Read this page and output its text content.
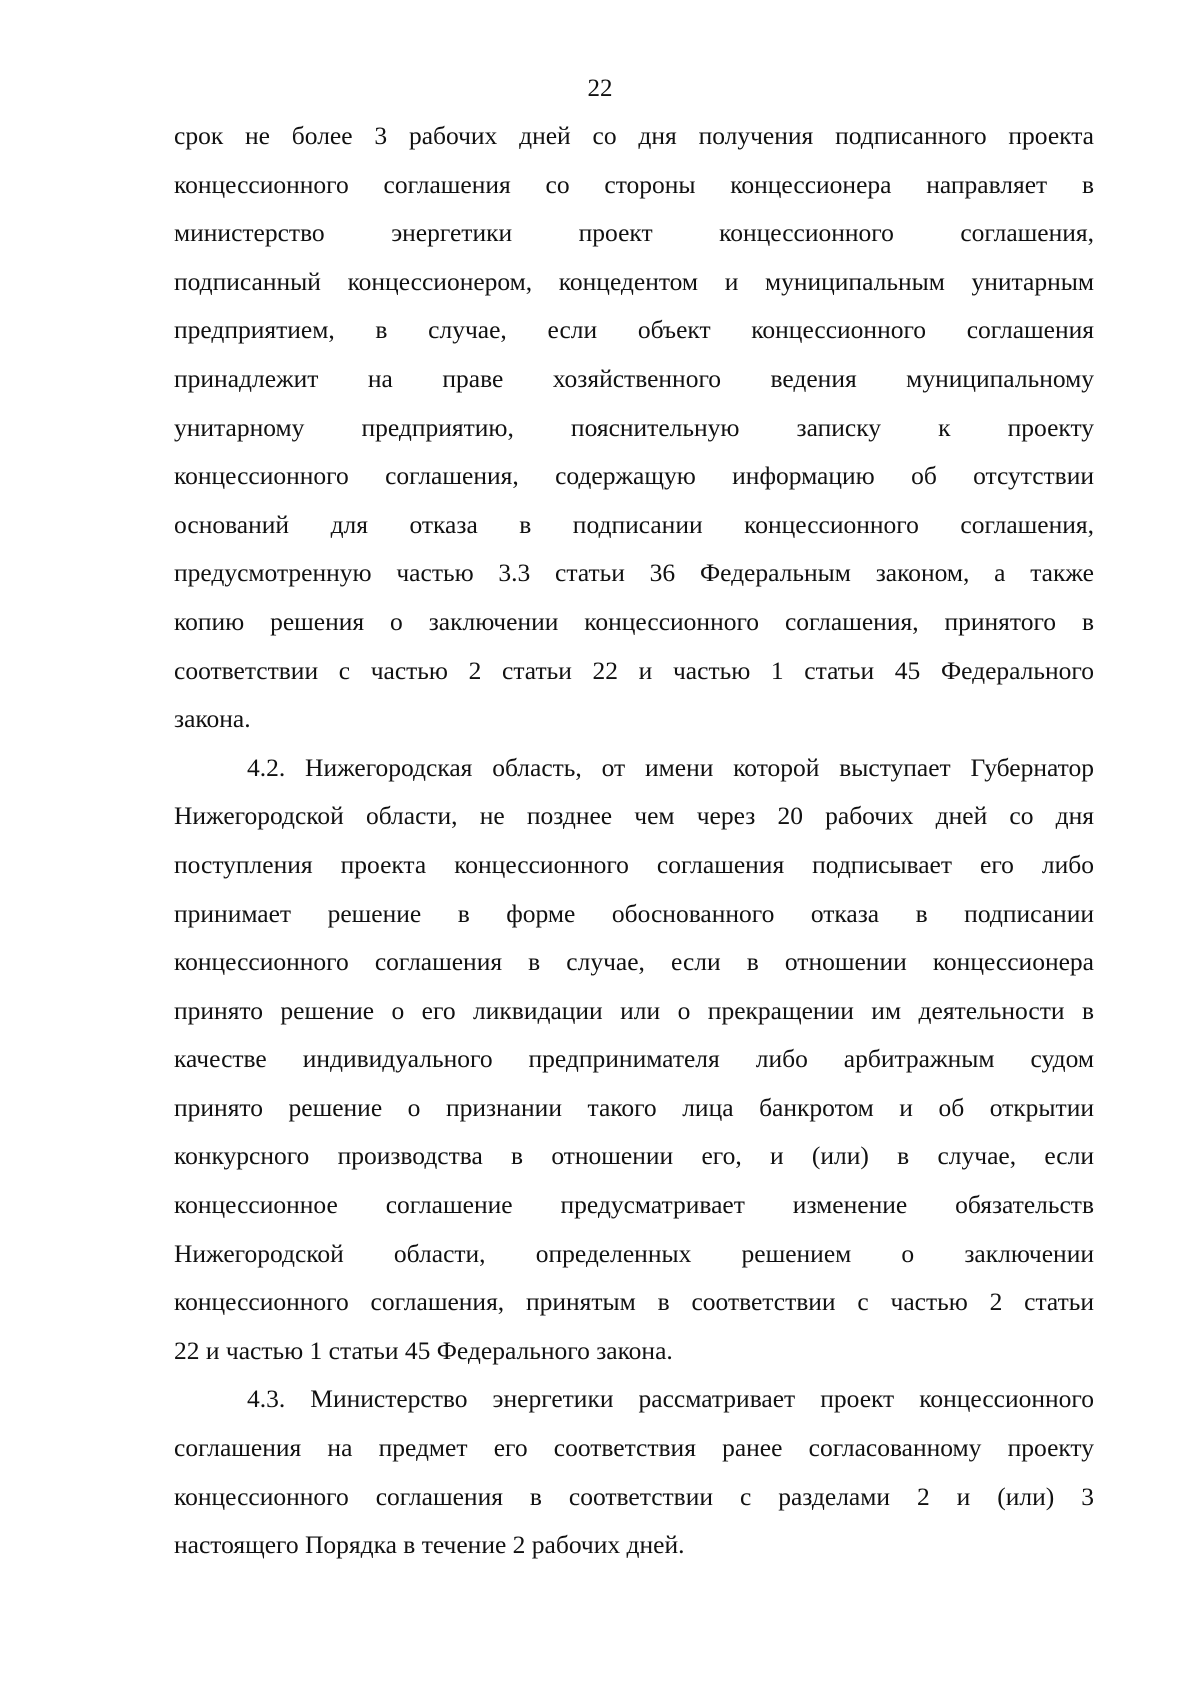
22
срок не более 3 рабочих дней со дня получения подписанного проекта
концессионного соглашения со стороны концессионера направляет в
министерство энергетики проект концессионного соглашения,
подписанный концессионером, концедентом и муниципальным унитарным
предприятием, в случае, если объект концессионного соглашения
принадлежит на праве хозяйственного ведения муниципальному
унитарному предприятию, пояснительную записку к проекту
концессионного соглашения, содержащую информацию об отсутствии
оснований для отказа в подписании концессионного соглашения,
предусмотренную частью 3.3 статьи 36 Федеральным законом, а также
копию решения о заключении концессионного соглашения, принятого в
соответствии с частью 2 статьи 22 и частью 1 статьи 45 Федерального
закона.
4.2. Нижегородская область, от имени которой выступает Губернатор
Нижегородской области, не позднее чем через 20 рабочих дней со дня
поступления проекта концессионного соглашения подписывает его либо
принимает решение в форме обоснованного отказа в подписании
концессионного соглашения в случае, если в отношении концессионера
принято решение о его ликвидации или о прекращении им деятельности в
качестве индивидуального предпринимателя либо арбитражным судом
принято решение о признании такого лица банкротом и об открытии
конкурсного производства в отношении его, и (или) в случае, если
концессионное соглашение предусматривает изменение обязательств
Нижегородской области, определенных решением о заключении
концессионного соглашения, принятым в соответствии с частью 2 статьи
22 и частью 1 статьи 45 Федерального закона.
4.3. Министерство энергетики рассматривает проект концессионного
соглашения на предмет его соответствия ранее согласованному проекту
концессионного соглашения в соответствии с разделами 2 и (или) 3
настоящего Порядка в течение 2 рабочих дней.
